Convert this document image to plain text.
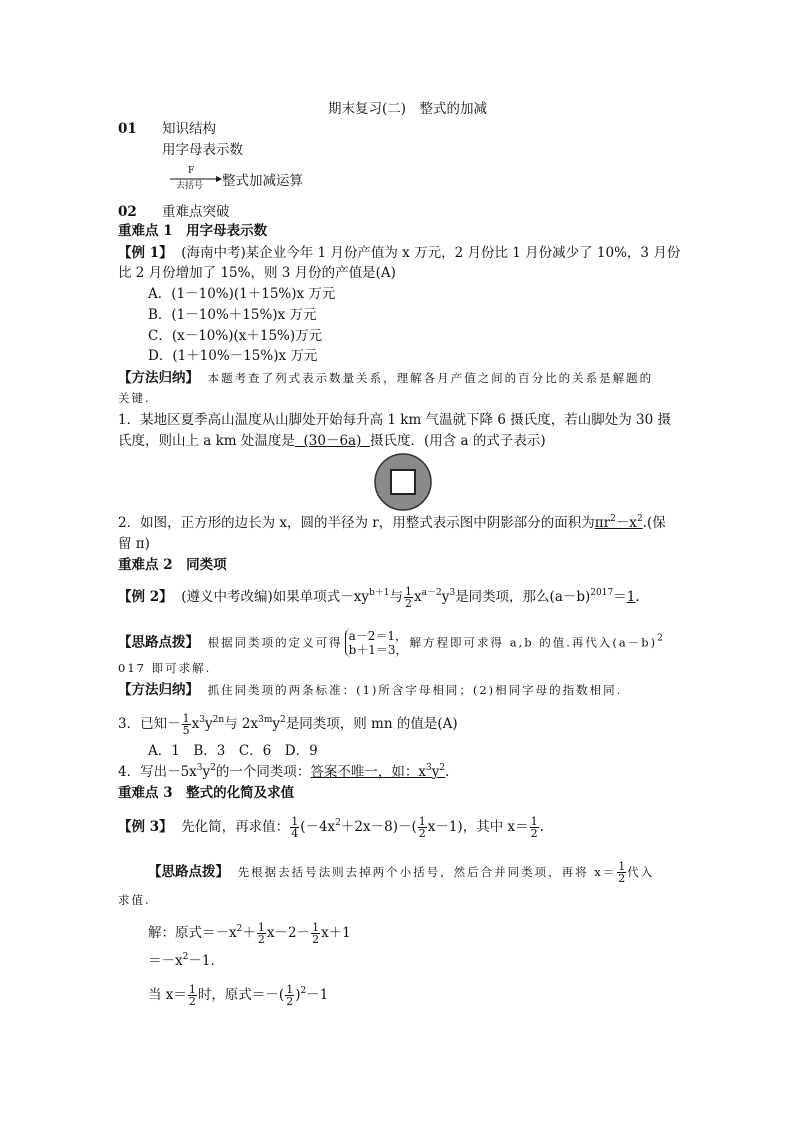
期末复习(二)　整式的加减
01 知识结构
用字母表示数
F
去括号 整式加减运算
02 重难点突破
重难点 1　用字母表示数
【例 1】 (海南中考)某企业今年 1 月份产值为 x 万元，2 月份比 1 月份减少了 10%，3 月份
比 2 月份增加了 15%，则 3 月份的产值是(A)
A．(1－10%)(1＋15%)x 万元
B．(1－10%＋15%)x 万元
C．(x－10%)(x＋15%)万元
D．(1＋10%－15%)x 万元
【方法归纳】 本题考查了列式表示数量关系，理解各月产值之间的百分比的关系是解题的
关键.
1．某地区夏季高山温度从山脚处开始每升高 1 km 气温就下降 6 摄氏度，若山脚处为 30 摄
氏度，则山上 a km 处温度是 (30－6a) 摄氏度．(用含 a 的式子表示)
2．如图，正方形的边长为 x，圆的半径为 r，用整式表示图中阴影部分的面积为$\pi r^2-x^2$.(保
留 π)
重难点 2　同类项
【例 2】 (遵义中考改编)如果单项式$-xy^{b+1}$与 $\frac{1}{2} x^{a-2}y^3$是同类项，那么$(a-b)^{2017}=1$.
【思路点拨】 根据同类项的定义可得 a－2＝1，
b＋1＝3，
解方程即可求得 a,b 的值.再代入$(a-b)^2$
017 即可求解.
【方法归纳】 抓住同类项的两条标准：(1)所含字母相同；(2)相同字母的指数相同.
3．已知－ $\frac{1}{5} x^3y^{2n}$与 $2x^{3m}y^2$是同类项，则 mn 的值是(A)
A．1　B．3　C．6　D．9
4．写出$-5x^3y^2$的一个同类项：答案不唯一，如：$x^3y^2$.
重难点 3　整式的化简及求值
【例 3】 先化简，再求值： $\frac{1}{4} (-4x^2+2x-8)-( \frac{1}{2} x-1)$，其中 $x= \frac{1}{2}$ .
【思路点拨】 先根据去括号法则去掉两个小括号，然后合并同类项，再将 $x= \frac{1}{2}$ 代入
求值.
解：原式$=-x^2+ \frac{1}{2} x-2- \frac{1}{2} x+1$
$=-x^2-1$.
当 $x= \frac{1}{2}$ 时，原式＝－( $\frac{1}{2} )^2-1$
